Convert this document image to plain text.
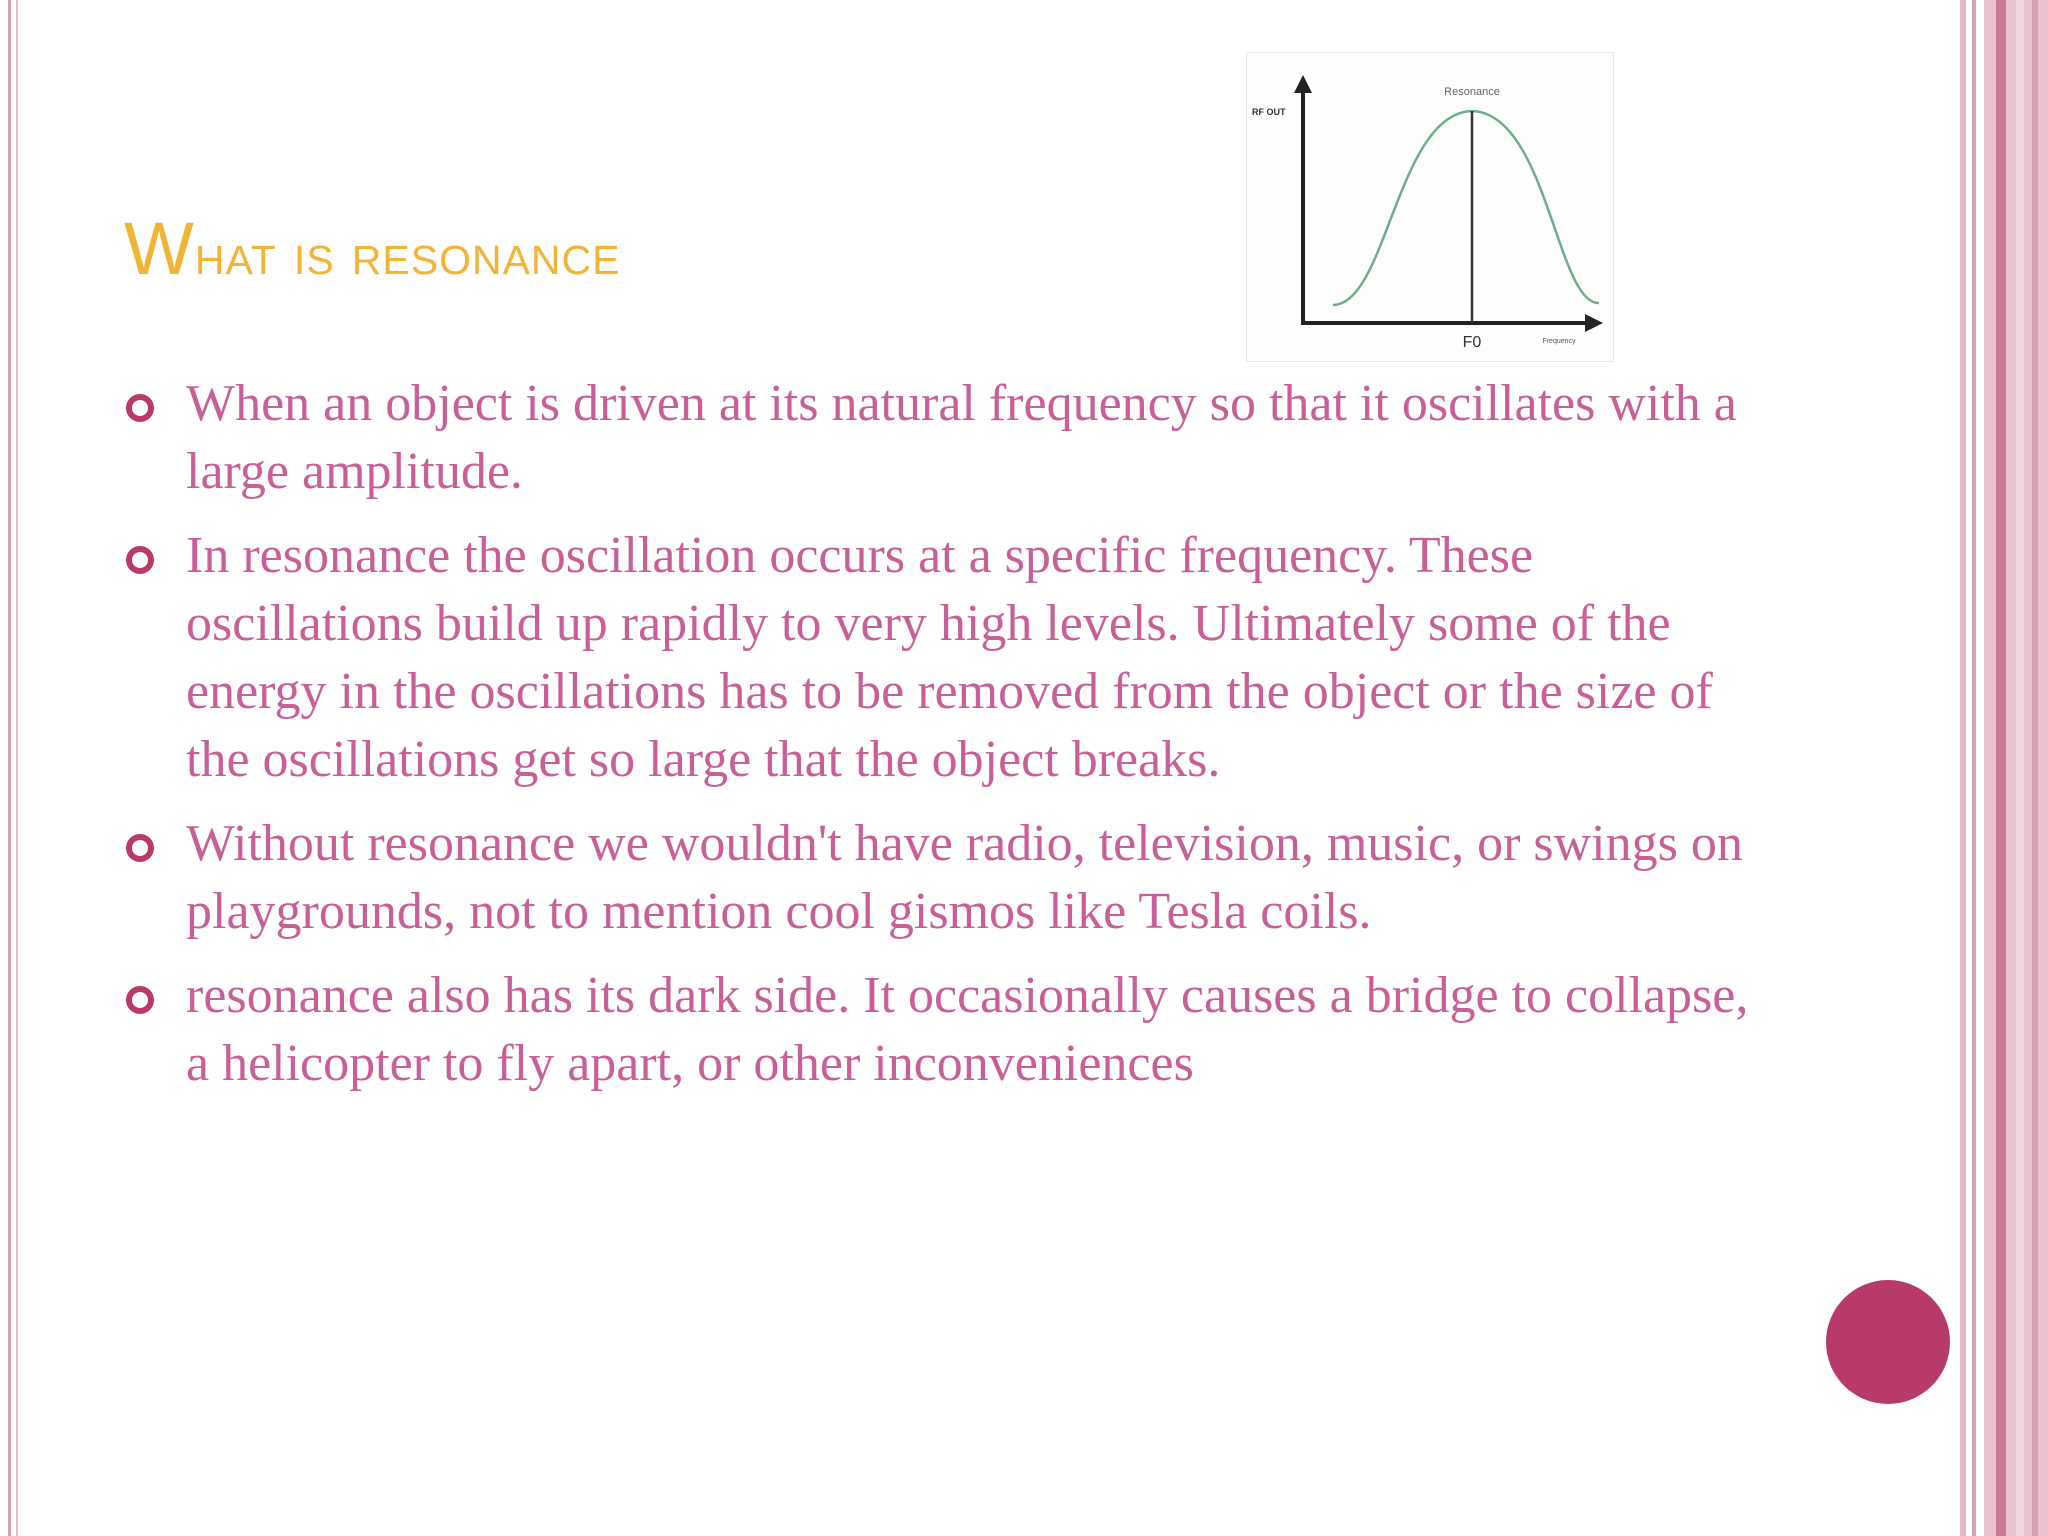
What is resonance
Resonance
RF OUT
F0	Frequency
When an object is driven at its natural frequency so that it oscillates with a large amplitude.
In resonance the oscillation occurs at a specific frequency. These oscillations build up rapidly to very high levels. Ultimately some of the energy in the oscillations has to be removed from the object or the size of the oscillations get so large that the object breaks.
Without resonance we wouldn't have radio, television, music, or swings on playgrounds, not to mention cool gismos like Tesla coils.
resonance also has its dark side. It occasionally causes a bridge to collapse, a helicopter to fly apart, or other inconveniences
